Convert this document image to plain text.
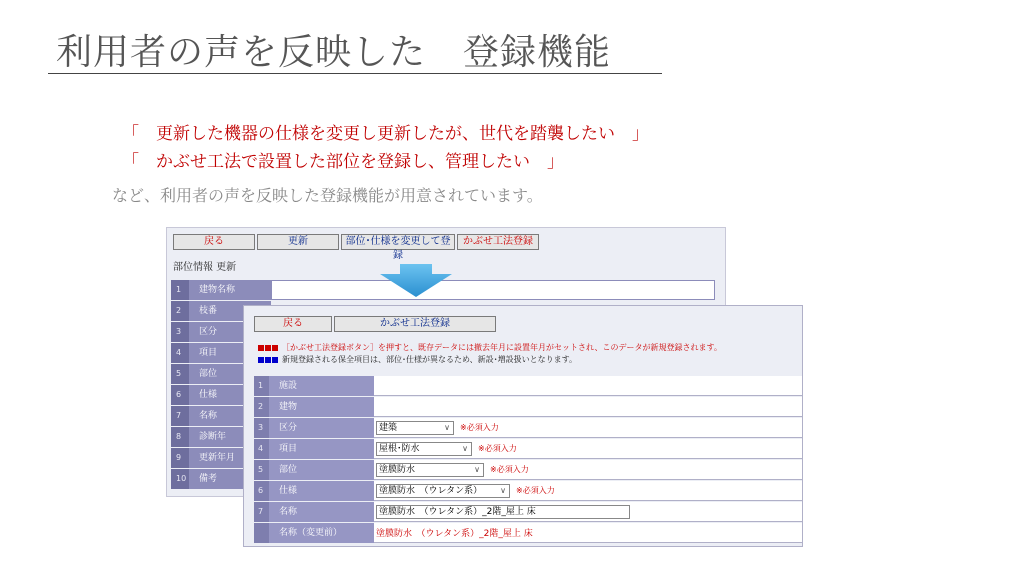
利用者の声を反映した　登録機能
「　更新した機器の仕様を変更し更新したが、世代を踏襲したい　」
「　かぶせ工法で設置した部位を登録し、管理したい　」
など、利用者の声を反映した登録機能が用意されています。
戻る	更新	部位･仕様を変更して登録
かぶせ工法登録
部位情報 更新
1	建物名称
2	枝番
3	区分
4	項目
5	部位
6	仕様
7	名称
8	診断年
9	更新年月
10	備考
戻る	かぶせ工法登録
［かぶせ工法登録ボタン］を押すと、既存データには撤去年月に設置年月がセットされ、このデータが新規登録されます。
新規登録される保全項目は、部位･仕様が異なるため、新設･増設扱いとなります。
1	施設
2	建物
3	区分	建築	∨	※必須入力
4	項目	屋根･防水	∨	※必須入力
5	部位	塗膜防水	∨	※必須入力
6	仕様	塗膜防水　（ウレタン系） ∨	※必須入力
7	名称	塗膜防水　（ウレタン系）_2階_屋上 床
名称（変更前）	塗膜防水　（ウレタン系）_2階_屋上 床
